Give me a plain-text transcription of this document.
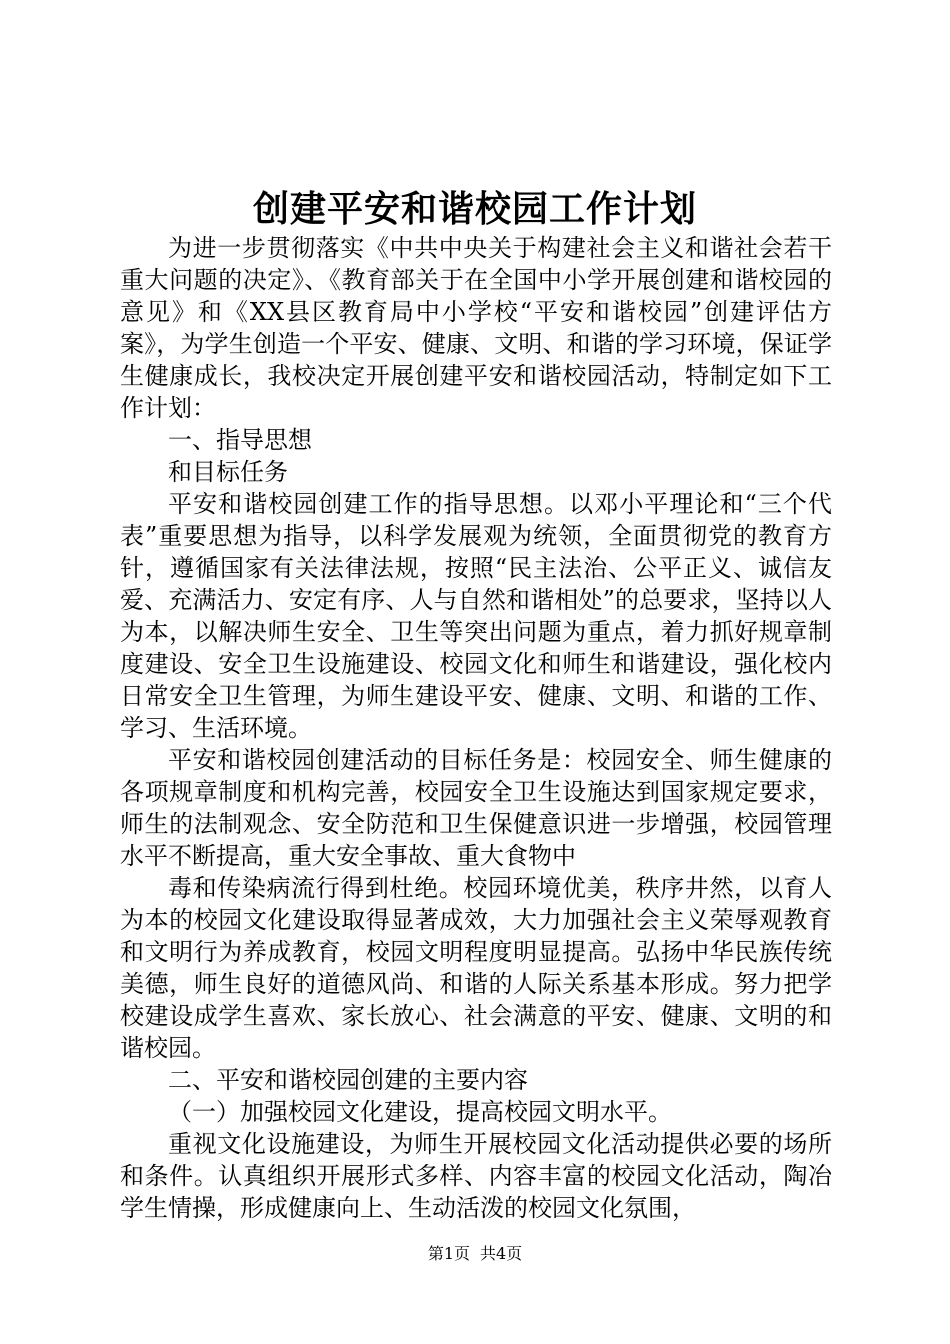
创建平安和谐校园工作计划

为进一步贯彻落实《中共中央关于构建社会主义和谐社会若干重大问题的决定》、《教育部关于在全国中小学开展创建和谐校园的意见》和《XX县区教育局中小学校“平安和谐校园”创建评估方案》，为学生创造一个平安、健康、文明、和谐的学习环境，保证学生健康成长，我校决定开展创建平安和谐校园活动，特制定如下工作计划：

一、指导思想

和目标任务

平安和谐校园创建工作的指导思想。以邓小平理论和“三个代表”重要思想为指导，以科学发展观为统领，全面贯彻党的教育方针，遵循国家有关法律法规，按照“民主法治、公平正义、诚信友爱、充满活力、安定有序、人与自然和谐相处”的总要求，坚持以人为本，以解决师生安全、卫生等突出问题为重点，着力抓好规章制度建设、安全卫生设施建设、校园文化和师生和谐建设，强化校内日常安全卫生管理，为师生建设平安、健康、文明、和谐的工作、学习、生活环境。

平安和谐校园创建活动的目标任务是：校园安全、师生健康的各项规章制度和机构完善，校园安全卫生设施达到国家规定要求，师生的法制观念、安全防范和卫生保健意识进一步增强，校园管理水平不断提高，重大安全事故、重大食物中

毒和传染病流行得到杜绝。校园环境优美，秩序井然，以育人为本的校园文化建设取得显著成效，大力加强社会主义荣辱观教育和文明行为养成教育，校园文明程度明显提高。弘扬中华民族传统美德，师生良好的道德风尚、和谐的人际关系基本形成。努力把学校建设成学生喜欢、家长放心、社会满意的平安、健康、文明的和谐校园。

二、平安和谐校园创建的主要内容

（一）加强校园文化建设，提高校园文明水平。

重视文化设施建设，为师生开展校园文化活动提供必要的场所和条件。认真组织开展形式多样、内容丰富的校园文化活动，陶冶学生情操，形成健康向上、生动活泼的校园文化氛围，

第1页 共4页
